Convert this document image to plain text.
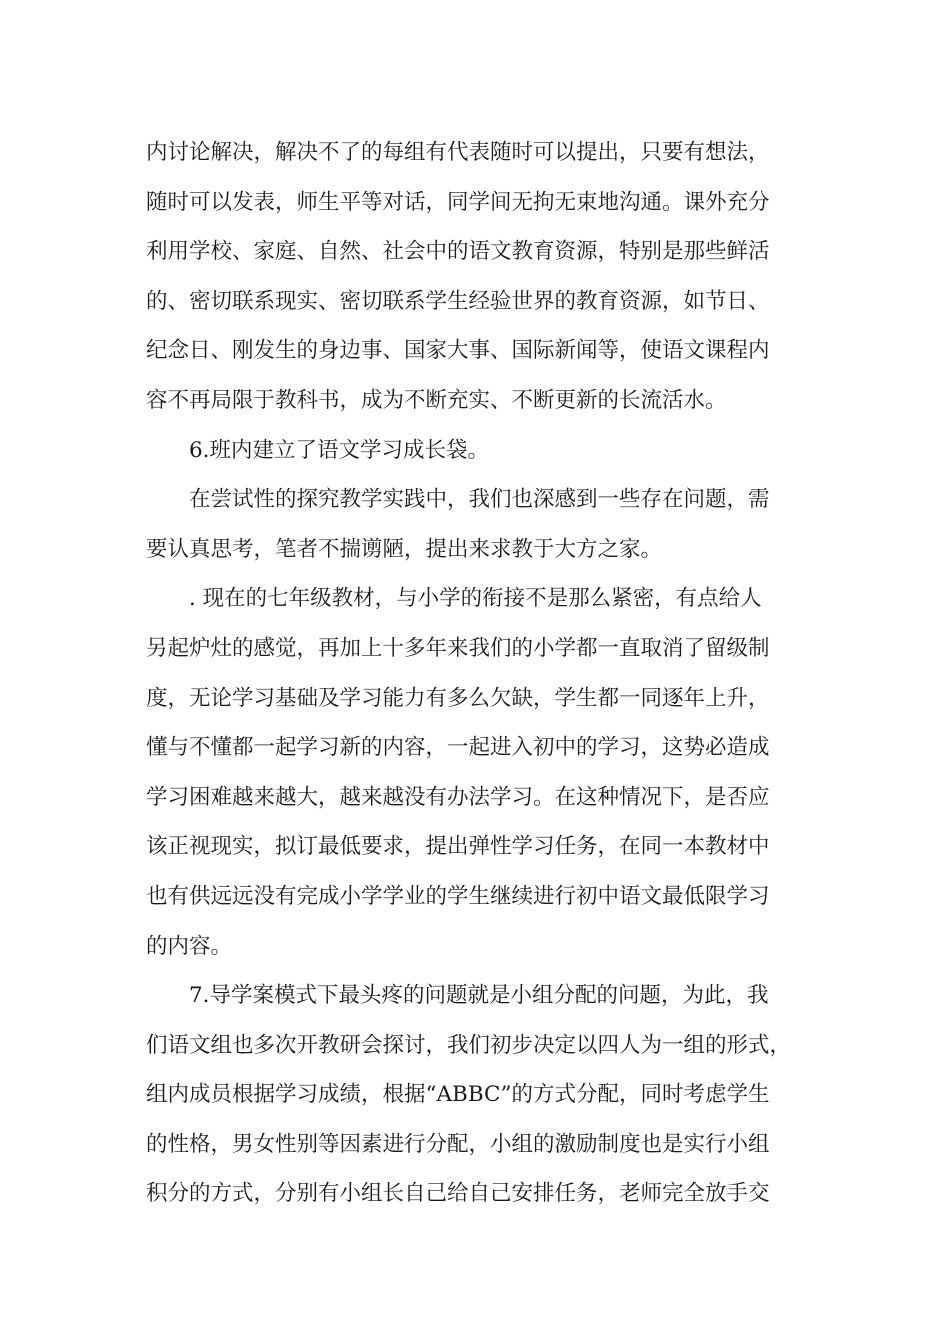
内讨论解决，解决不了的每组有代表随时可以提出，只要有想法，
随时可以发表，师生平等对话，同学间无拘无束地沟通。课外充分
利用学校、家庭、自然、社会中的语文教育资源，特别是那些鲜活
的、密切联系现实、密切联系学生经验世界的教育资源，如节日、
纪念日、刚发生的身边事、国家大事、国际新闻等，使语文课程内
容不再局限于教科书，成为不断充实、不断更新的长流活水。
6.班内建立了语文学习成长袋。
在尝试性的探究教学实践中，我们也深感到一些存在问题，需
要认真思考，笔者不揣谫陋，提出来求教于大方之家。
. 现在的七年级教材，与小学的衔接不是那么紧密，有点给人
另起炉灶的感觉，再加上十多年来我们的小学都一直取消了留级制
度，无论学习基础及学习能力有多么欠缺，学生都一同逐年上升，
懂与不懂都一起学习新的内容，一起进入初中的学习，这势必造成
学习困难越来越大，越来越没有办法学习。在这种情况下，是否应
该正视现实，拟订最低要求，提出弹性学习任务，在同一本教材中
也有供远远没有完成小学学业的学生继续进行初中语文最低限学习
的内容。
7.导学案模式下最头疼的问题就是小组分配的问题，为此，我
们语文组也多次开教研会探讨，我们初步决定以四人为一组的形式，
组内成员根据学习成绩，根据“ABBC”的方式分配，同时考虑学生
的性格，男女性别等因素进行分配，小组的激励制度也是实行小组
积分的方式，分别有小组长自己给自己安排任务，老师完全放手交
